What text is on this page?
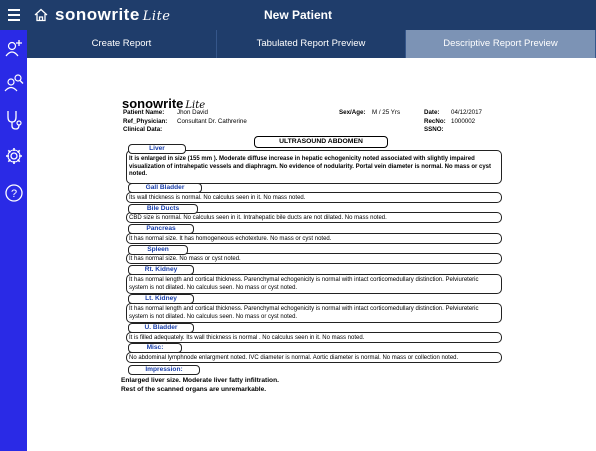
sonowrite Lite	New Patient
?
Create Report	Tabulated Report Preview	Descriptive Report Preview
sonowrite Lite
Patient Name: Jhon David
Ref_Physician: Consultant Dr. Cathrerine
Clinical Data:
Sex/Age: M / 25 Yrs	Date: 04/12/2017
RecNo: 1000002
SSNO:
ULTRASOUND ABDOMEN
It is enlarged in size (155 mm ). Moderate diffuse increase in hepatic echogenicity noted associated with slightly impaired visualization of intrahepatic vessels and diaphragm. No evidence of nodularity. Portal vein diameter is normal. No mass or cyst noted.
Liver
Its wall thickness is normal. No calculus seen in it. No mass noted.
Gall Bladder
CBD size is normal. No calculus seen in it. Intrahepatic bile ducts are not dilated. No mass noted.
Bile Ducts
It has normal size. It has homogeneous echotexture. No mass or cyst noted.
Pancreas
It has normal size. No mass or cyst noted.
Spleen
It has normal length and cortical thickness. Parenchymal echogenicity is normal with intact corticomedullary distinction. Pelviureteric system is not dilated. No calculus seen. No mass or cyst noted.
Rt. Kidney
It has normal length and cortical thickness. Parenchymal echogenicity is normal with intact corticomedullary distinction. Pelviureteric system is not dilated. No calculus seen. No mass or cyst noted.
Lt. Kidney
It is filled adequately. Its wall thickness is normal . No calculus seen in it. No mass noted.
U. Bladder
No abdominal lymphnode enlargment noted. IVC diameter is normal. Aortic diameter is normal. No mass or collection noted.
Misc:
Impression:
Enlarged liver size. Moderate liver fatty infiltration.
Rest of the scanned organs are unremarkable.
